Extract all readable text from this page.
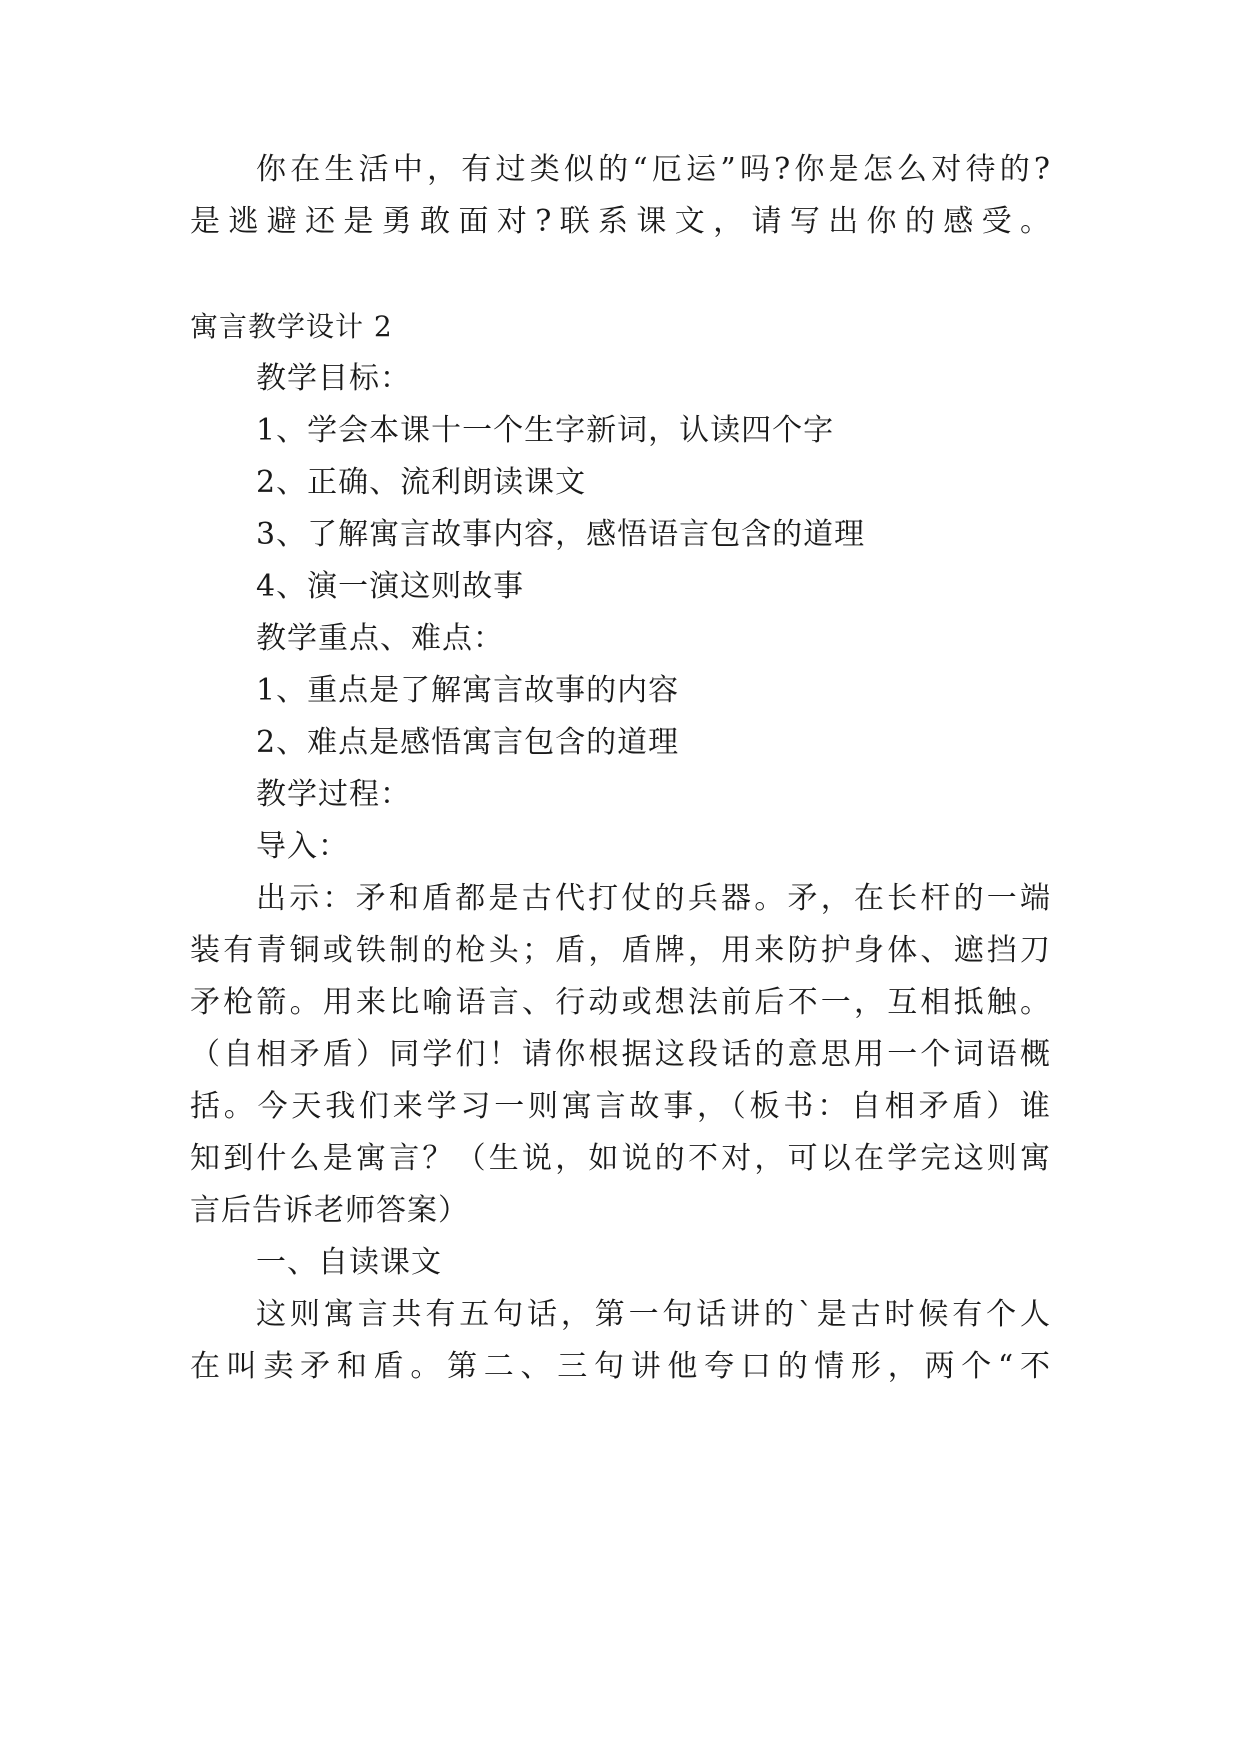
你在生活中，有过类似的“厄运”吗?你是怎么对待的?
是逃避还是勇敢面对?联系课文，请写出你的感受。
寓言教学设计 2
教学目标：
1、学会本课十一个生字新词，认读四个字
2、正确、流利朗读课文
3、了解寓言故事内容，感悟语言包含的道理
4、演一演这则故事
教学重点、难点：
1、重点是了解寓言故事的内容
2、难点是感悟寓言包含的道理
教学过程：
导入：
出示：矛和盾都是古代打仗的兵器。矛，在长杆的一端
装有青铜或铁制的枪头；盾，盾牌，用来防护身体、遮挡刀
矛枪箭。用来比喻语言、行动或想法前后不一，互相抵触。
（自相矛盾）同学们！请你根据这段话的意思用一个词语概
括。今天我们来学习一则寓言故事，（板书：自相矛盾）谁
知到什么是寓言？（生说，如说的不对，可以在学完这则寓
言后告诉老师答案）
一、自读课文
这则寓言共有五句话，第一句话讲的`是古时候有个人
在叫卖矛和盾。第二、三句讲他夸口的情形，两个“不
